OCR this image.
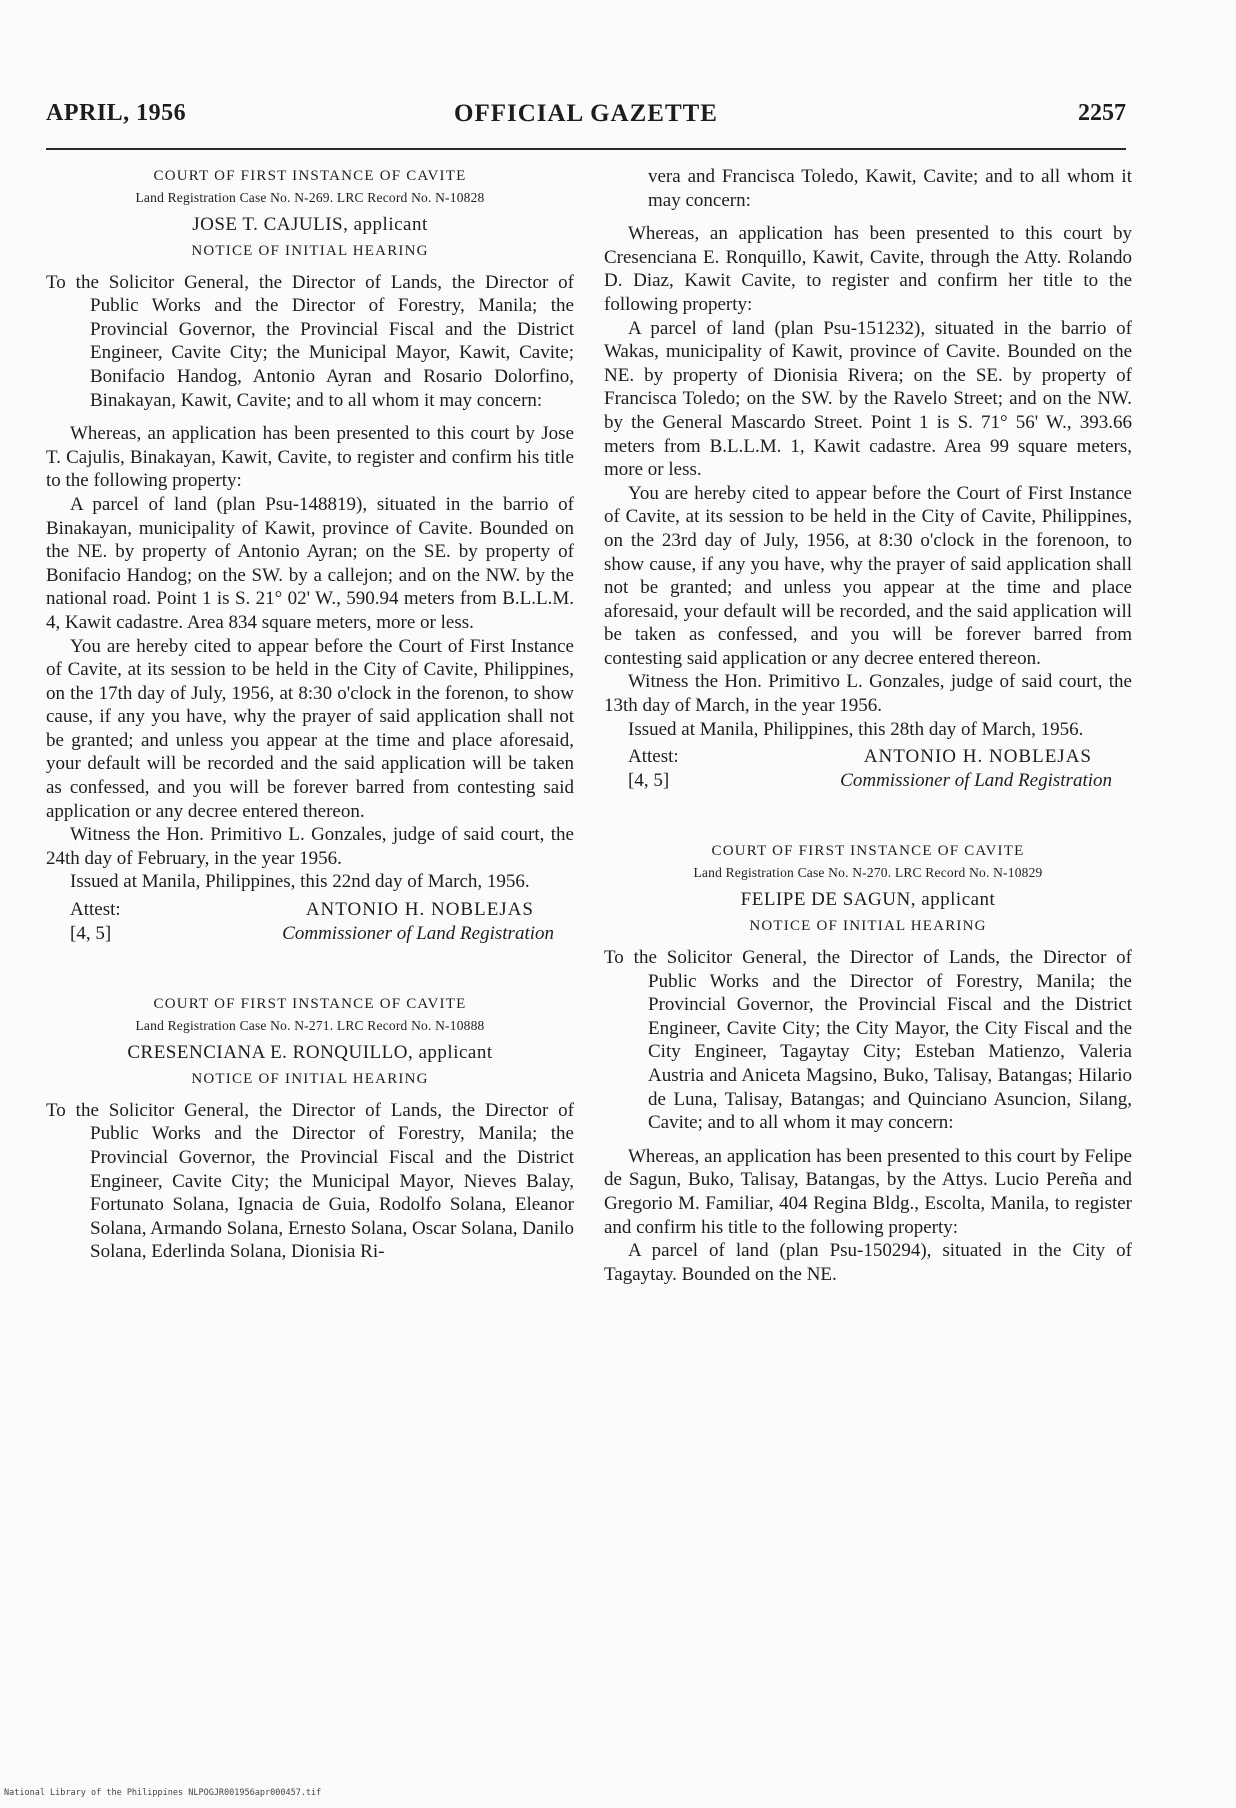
APRIL, 1956	OFFICIAL GAZETTE	2257

COURT OF FIRST INSTANCE OF CAVITE

Land Registration Case No. N-269. LRC Record No. N-10828

JOSE T. CAJULIS, applicant

NOTICE OF INITIAL HEARING

To the Solicitor General, the Director of Lands, the Director of Public Works and the Director of Forestry, Manila; the Provincial Governor, the Provincial Fiscal and the District Engineer, Cavite City; the Municipal Mayor, Kawit, Cavite; Bonifacio Handog, Antonio Ayran and Rosario Dolorfino, Binakayan, Kawit, Cavite; and to all whom it may concern:

Whereas, an application has been presented to this court by Jose T. Cajulis, Binakayan, Kawit, Cavite, to register and confirm his title to the following property:

A parcel of land (plan Psu-148819), situated in the barrio of Binakayan, municipality of Kawit, province of Cavite. Bounded on the NE. by property of Antonio Ayran; on the SE. by property of Bonifacio Handog; on the SW. by a callejon; and on the NW. by the national road. Point 1 is S. 21° 02' W., 590.94 meters from B.L.L.M. 4, Kawit cadastre. Area 834 square meters, more or less.

You are hereby cited to appear before the Court of First Instance of Cavite, at its session to be held in the City of Cavite, Philippines, on the 17th day of July, 1956, at 8:30 o'clock in the forenon, to show cause, if any you have, why the prayer of said application shall not be granted; and unless you appear at the time and place aforesaid, your default will be recorded and the said application will be taken as confessed, and you will be forever barred from contesting said application or any decree entered thereon.

Witness the Hon. Primitivo L. Gonzales, judge of said court, the 24th day of February, in the year 1956.

Issued at Manila, Philippines, this 22nd day of March, 1956.

Attest:	ANTONIO H. NOBLEJAS
[4, 5]	Commissioner of Land Registration

COURT OF FIRST INSTANCE OF CAVITE

Land Registration Case No. N-271. LRC Record No. N-10888

CRESENCIANA E. RONQUILLO, applicant

NOTICE OF INITIAL HEARING

To the Solicitor General, the Director of Lands, the Director of Public Works and the Director of Forestry, Manila; the Provincial Governor, the Provincial Fiscal and the District Engineer, Cavite City; the Municipal Mayor, Nieves Balay, Fortunato Solana, Ignacia de Guia, Rodolfo Solana, Eleanor Solana, Armando Solana, Ernesto Solana, Oscar Solana, Danilo Solana, Ederlinda Solana, Dionisia Ri-

vera and Francisca Toledo, Kawit, Cavite; and to all whom it may concern:

Whereas, an application has been presented to this court by Cresenciana E. Ronquillo, Kawit, Cavite, through the Atty. Rolando D. Diaz, Kawit Cavite, to register and confirm her title to the following property:

A parcel of land (plan Psu-151232), situated in the barrio of Wakas, municipality of Kawit, province of Cavite. Bounded on the NE. by property of Dionisia Rivera; on the SE. by property of Francisca Toledo; on the SW. by the Ravelo Street; and on the NW. by the General Mascardo Street. Point 1 is S. 71° 56' W., 393.66 meters from B.L.L.M. 1, Kawit cadastre. Area 99 square meters, more or less.

You are hereby cited to appear before the Court of First Instance of Cavite, at its session to be held in the City of Cavite, Philippines, on the 23rd day of July, 1956, at 8:30 o'clock in the forenoon, to show cause, if any you have, why the prayer of said application shall not be granted; and unless you appear at the time and place aforesaid, your default will be recorded, and the said application will be taken as confessed, and you will be forever barred from contesting said application or any decree entered thereon.

Witness the Hon. Primitivo L. Gonzales, judge of said court, the 13th day of March, in the year 1956.

Issued at Manila, Philippines, this 28th day of March, 1956.

Attest:	ANTONIO H. NOBLEJAS
[4, 5]	Commissioner of Land Registration

COURT OF FIRST INSTANCE OF CAVITE

Land Registration Case No. N-270. LRC Record No. N-10829

FELIPE DE SAGUN, applicant

NOTICE OF INITIAL HEARING

To the Solicitor General, the Director of Lands, the Director of Public Works and the Director of Forestry, Manila; the Provincial Governor, the Provincial Fiscal and the District Engineer, Cavite City; the City Mayor, the City Fiscal and the City Engineer, Tagaytay City; Esteban Matienzo, Valeria Austria and Aniceta Magsino, Buko, Talisay, Batangas; Hilario de Luna, Talisay, Batangas; and Quinciano Asuncion, Silang, Cavite; and to all whom it may concern:

Whereas, an application has been presented to this court by Felipe de Sagun, Buko, Talisay, Batangas, by the Attys. Lucio Pereña and Gregorio M. Familiar, 404 Regina Bldg., Escolta, Manila, to register and confirm his title to the following property:

A parcel of land (plan Psu-150294), situated in the City of Tagaytay. Bounded on the NE.

National Library of the Philippines NLPOGJR001956apr000457.tif
